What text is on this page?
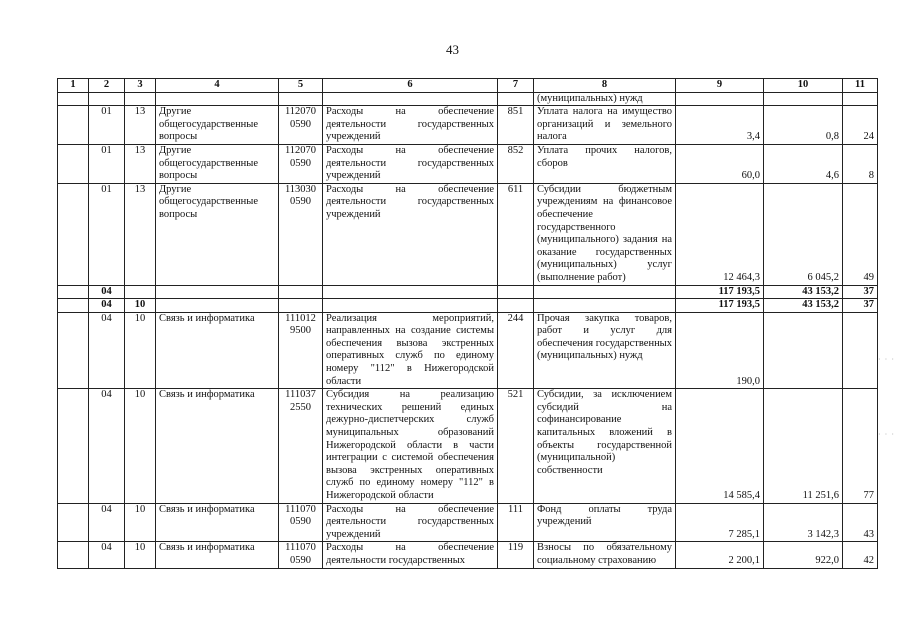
43
1	2	3	4	5	6	7	8	9	10	11
							(муниципальных) нужд			
	01	13	Другие общегосударственные вопросы	112070 0590	Расходы на обеспечение деятельности государственных учреждений	851	Уплата налога на имущество организаций и земельного налога	3,4	0,8	24
	01	13	Другие общегосударственные вопросы	112070 0590	Расходы на обеспечение деятельности государственных учреждений	852	Уплата прочих налогов, сборов	60,0	4,6	8
	01	13	Другие общегосударственные вопросы	113030 0590	Расходы на обеспечение деятельности государственных учреждений	611	Субсидии бюджетным учреждениям на финансовое обеспечение государственного (муниципального) задания на оказание государственных (муниципальных) услуг (выполнение работ)	12 464,3	6 045,2	49
	04							117 193,5	43 153,2	37
	04	10						117 193,5	43 153,2	37
	04	10	Связь и информатика	111012 9500	Реализация мероприятий, направленных на создание системы обеспечения вызова экстренных оперативных служб по единому номеру "112" в Нижегородской области	244	Прочая закупка товаров, работ и услуг для обеспечения государственных (муниципальных) нужд	190,0		
	04	10	Связь и информатика	111037 2550	Субсидия на реализацию технических решений единых дежурно-диспетчерских служб муниципальных образований Нижегородской области в части интеграции с системой обеспечения вызова экстренных оперативных служб по единому номеру "112" в Нижегородской области	521	Субсидии, за исключением субсидий на софинансирование капитальных вложений в объекты государственной (муниципальной) собственности	14 585,4	11 251,6	77
	04	10	Связь и информатика	111070 0590	Расходы на обеспечение деятельности государственных учреждений	111	Фонд оплаты труда учреждений	7 285,1	3 142,3	43
	04	10	Связь и информатика	111070 0590	Расходы на обеспечение деятельности государственных	119	Взносы по обязательному социальному страхованию	2 200,1	922,0	42
· · ·
· · ·
